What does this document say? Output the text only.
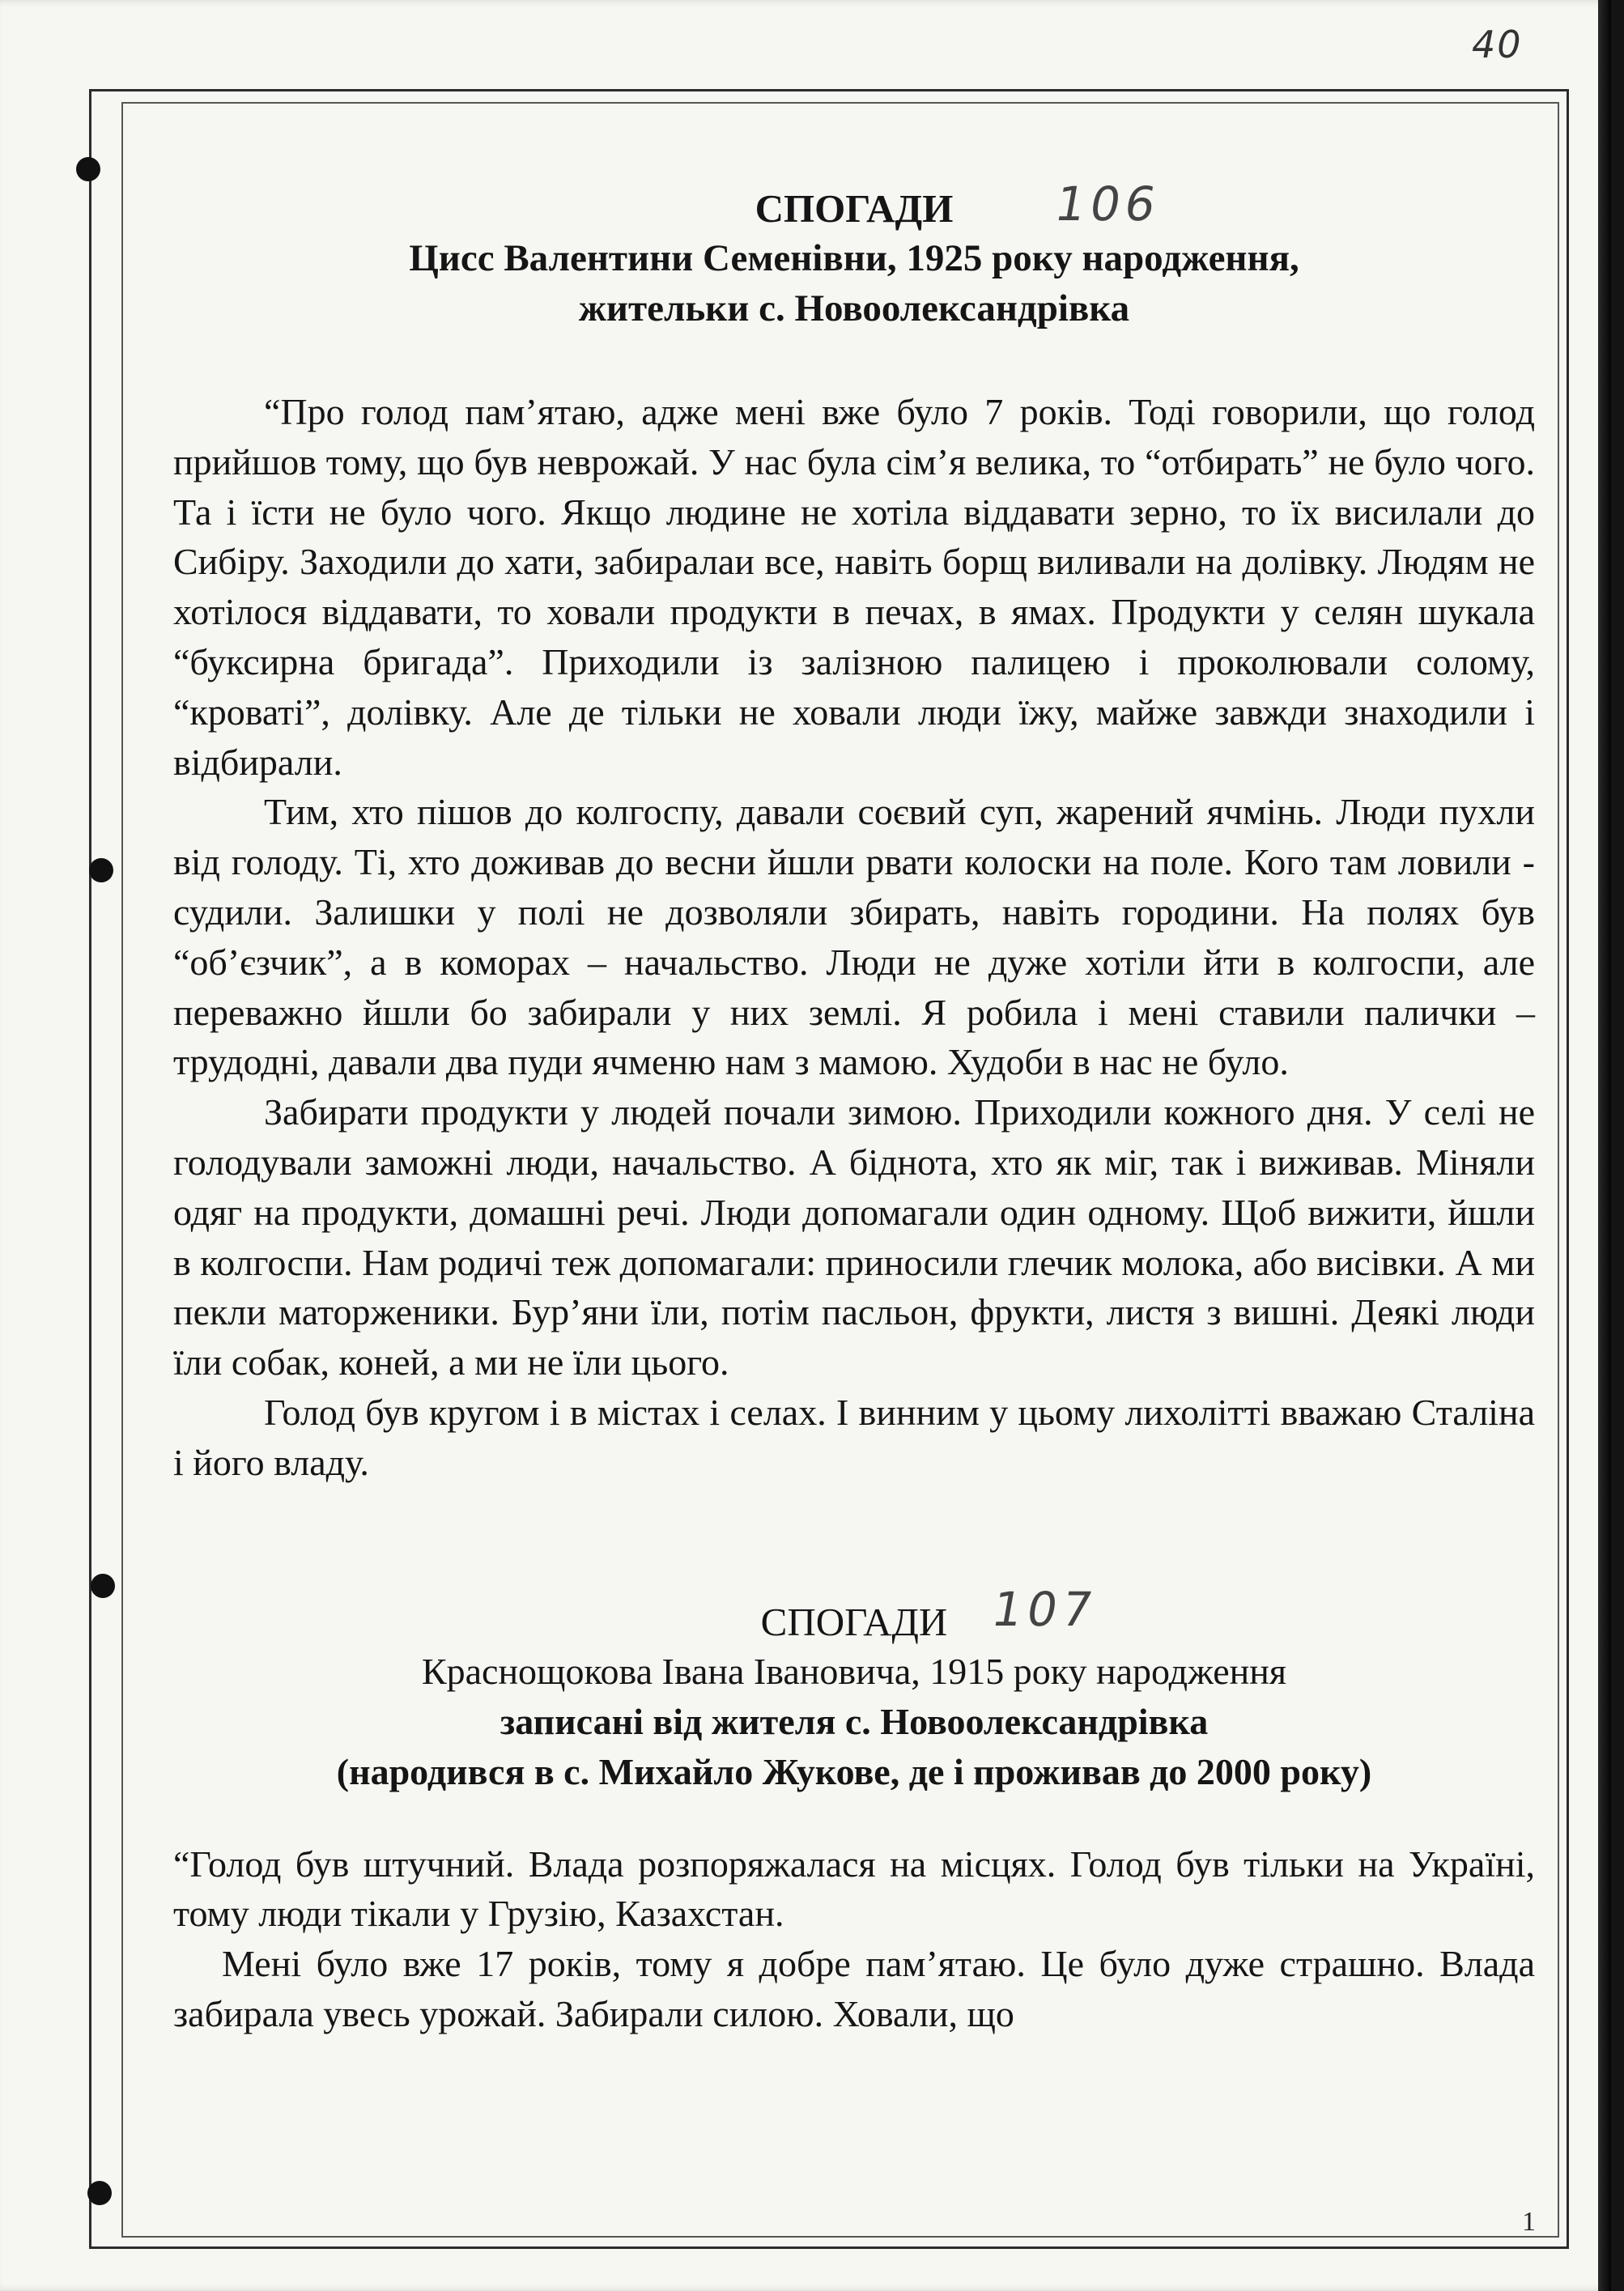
40
СПОГАДИ 106
Цисс Валентини Семенівни, 1925 року народження,
жительки с. Новоолександрівка

“Про голод пам’ятаю, адже мені вже було 7 років. Тоді говорили, що голод прийшов тому, що був неврожай. У нас була сім’я велика, то “отбирать” не було чого. Та і їсти не було чого. Якщо людине не хотіла віддавати зерно, то їх висилали до Сибіру. Заходили до хати, забиралаи все, навіть борщ виливали на долівку. Людям не хотілося віддавати, то ховали продукти в печах, в ямах. Продукти у селян шукала “буксирна бригада”. Приходили із залізною палицею і проколювали солому, “кроваті”, долівку. Але де тільки не ховали люди їжу, майже завжди знаходили і відбирали.

Тим, хто пішов до колгоспу, давали соєвий суп, жарений ячмінь. Люди пухли від голоду. Ті, хто доживав до весни йшли рвати колоски на поле. Кого там ловили - судили. Залишки у полі не дозволяли збирать, навіть городини. На полях був “об’єзчик”, а в коморах – начальство. Люди не дуже хотіли йти в колгоспи, але переважно йшли бо забирали у них землі. Я робила і мені ставили палички – трудодні, давали два пуди ячменю нам з мамою. Худоби в нас не було.

Забирати продукти у людей почали зимою. Приходили кожного дня. У селі не голодували заможні люди, начальство. А біднота, хто як міг, так і виживав. Міняли одяг на продукти, домашні речі. Люди допомагали один одному. Щоб вижити, йшли в колгоспи. Нам родичі теж допомагали: приносили глечик молока, або висівки. А ми пекли маторженики. Бур’яни їли, потім пасльон, фрукти, листя з вишні. Деякі люди їли собак, коней, а ми не їли цього.

Голод був кругом і в містах і селах. І винним у цьому лихолітті вважаю Сталіна і його владу.

СПОГАДИ 107
Краснощокова Івана Івановича, 1915 року народження
записані від жителя с. Новоолександрівка
(народився в с. Михайло Жукове, де і проживав до 2000 року)

“Голод був штучний. Влада розпоряжалася на місцях. Голод був тільки на Україні, тому люди тікали у Грузію, Казахстан.

Мені було вже 17 років, тому я добре пам’ятаю. Це було дуже страшно. Влада забирала увесь урожай. Забирали силою. Ховали, що

1
